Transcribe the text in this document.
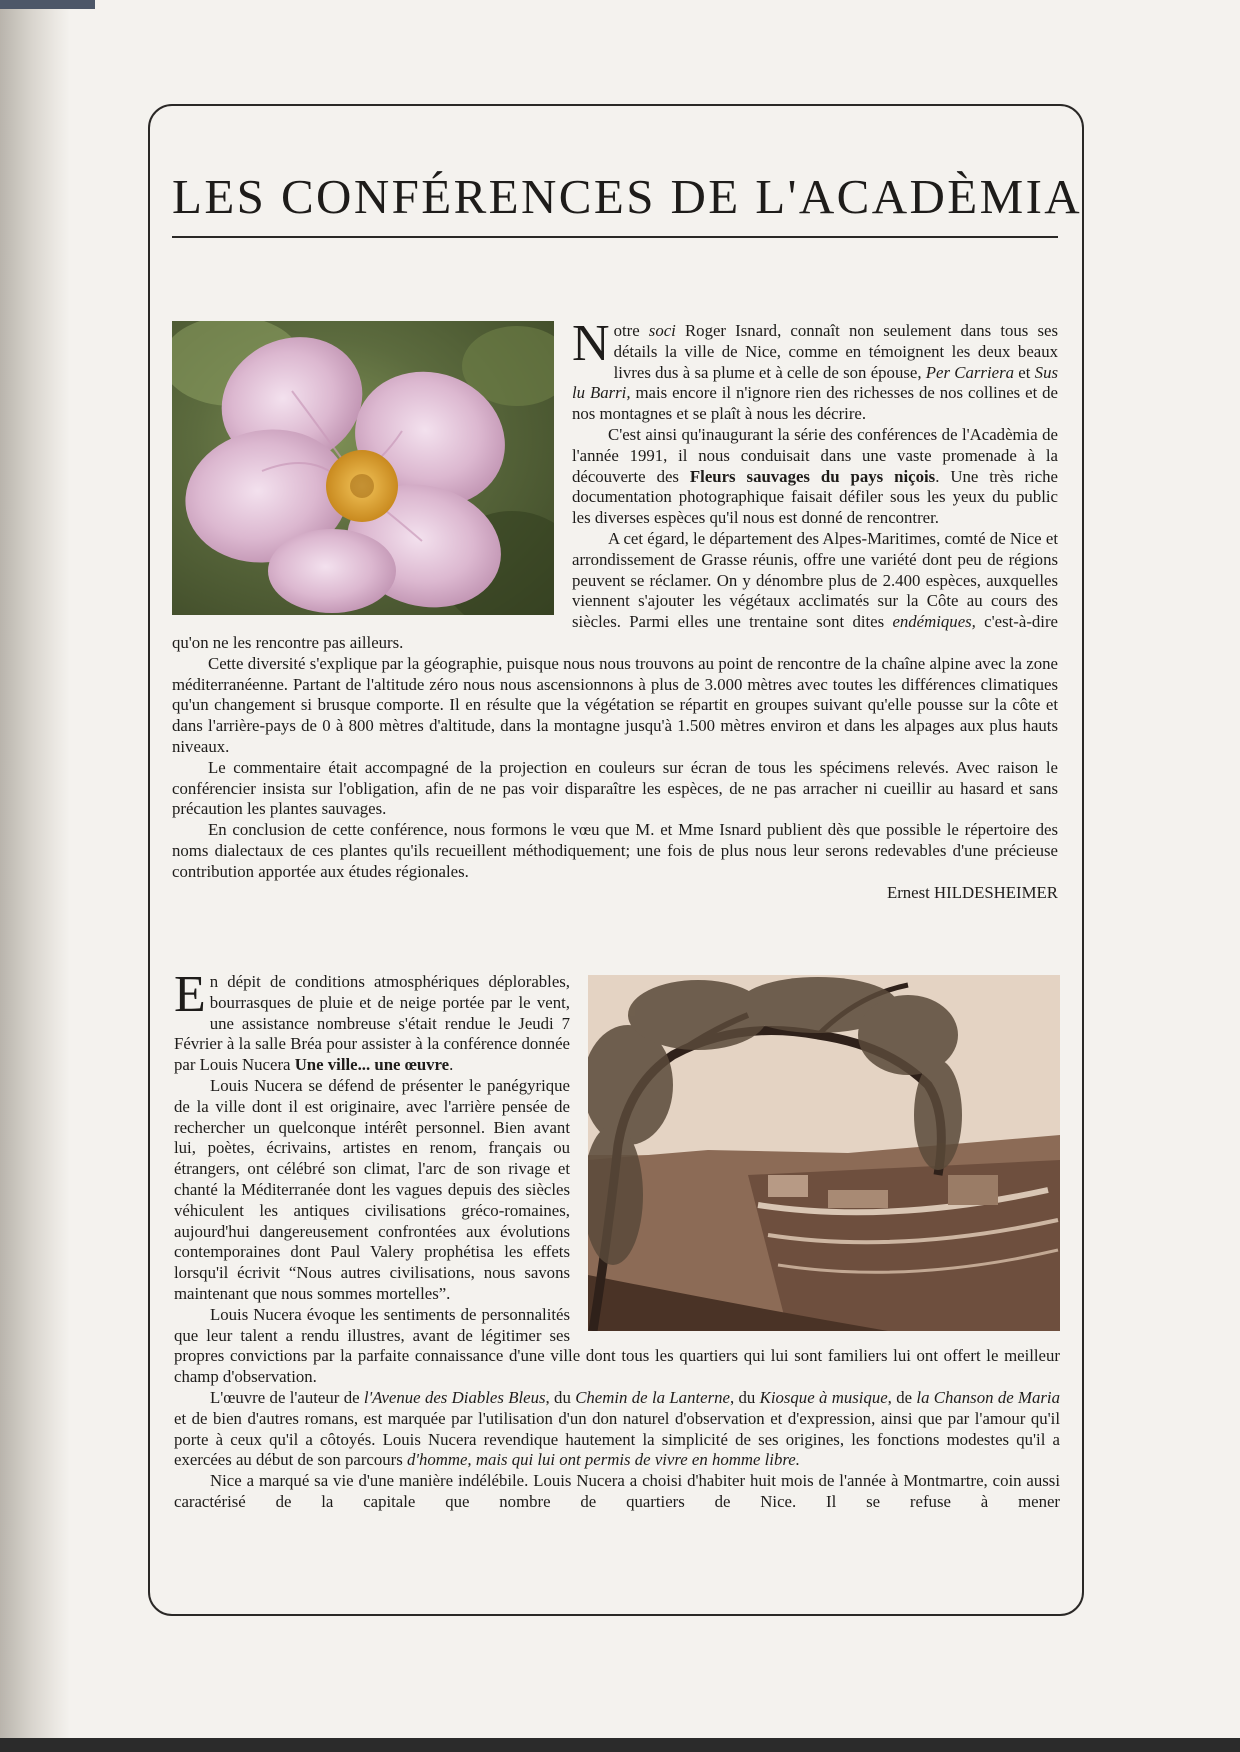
LES CONFÉRENCES DE L'ACADÈMIA

Notre soci Roger Isnard, connaît non seulement dans tous ses détails la ville de Nice, comme en témoignent les deux beaux livres dus à sa plume et à celle de son épouse, Per Carriera et Sus lu Barri, mais encore il n'ignore rien des richesses de nos collines et de nos montagnes et se plaît à nous les décrire.

C'est ainsi qu'inaugurant la série des conférences de l'Acadèmia de l'année 1991, il nous conduisait dans une vaste promenade à la découverte des Fleurs sauvages du pays niçois. Une très riche documentation photographique faisait défiler sous les yeux du public les diverses espèces qu'il nous est donné de rencontrer.

A cet égard, le département des Alpes-Maritimes, comté de Nice et arrondissement de Grasse réunis, offre une variété dont peu de régions peuvent se réclamer. On y dénombre plus de 2.400 espèces, auxquelles viennent s'ajouter les végétaux acclimatés sur la Côte au cours des siècles. Parmi elles une trentaine sont dites endémiques, c'est-à-dire qu'on ne les rencontre pas ailleurs.

Cette diversité s'explique par la géographie, puisque nous nous trouvons au point de rencontre de la chaîne alpine avec la zone méditerranéenne. Partant de l'altitude zéro nous nous ascensionnons à plus de 3.000 mètres avec toutes les différences climatiques qu'un changement si brusque comporte. Il en résulte que la végétation se répartit en groupes suivant qu'elle pousse sur la côte et dans l'arrière-pays de 0 à 800 mètres d'altitude, dans la montagne jusqu'à 1.500 mètres environ et dans les alpages aux plus hauts niveaux.

Le commentaire était accompagné de la projection en couleurs sur écran de tous les spécimens relevés. Avec raison le conférencier insista sur l'obligation, afin de ne pas voir disparaître les espèces, de ne pas arracher ni cueillir au hasard et sans précaution les plantes sauvages.

En conclusion de cette conférence, nous formons le vœu que M. et Mme Isnard publient dès que possible le répertoire des noms dialectaux de ces plantes qu'ils recueillent méthodiquement; une fois de plus nous leur serons redevables d'une précieuse contribution apportée aux études régionales.

Ernest HILDESHEIMER

En dépit de conditions atmosphériques déplorables, bourrasques de pluie et de neige portée par le vent, une assistance nombreuse s'était rendue le Jeudi 7 Février à la salle Bréa pour assister à la conférence donnée par Louis Nucera Une ville... une œuvre.

Louis Nucera se défend de présenter le panégyrique de la ville dont il est originaire, avec l'arrière pensée de rechercher un quelconque intérêt personnel. Bien avant lui, poètes, écrivains, artistes en renom, français ou étrangers, ont célébré son climat, l'arc de son rivage et chanté la Méditerranée dont les vagues depuis des siècles véhiculent les antiques civilisations gréco-romaines, aujourd'hui dangereusement confrontées aux évolutions contemporaines dont Paul Valery prophétisa les effets lorsqu'il écrivit “Nous autres civilisations, nous savons maintenant que nous sommes mortelles”.

Louis Nucera évoque les sentiments de personnalités que leur talent a rendu illustres, avant de légitimer ses propres convictions par la parfaite connaissance d'une ville dont tous les quartiers qui lui sont familiers lui ont offert le meilleur champ d'observation.

L'œuvre de l'auteur de l'Avenue des Diables Bleus, du Chemin de la Lanterne, du Kiosque à musique, de la Chanson de Maria et de bien d'autres romans, est marquée par l'utilisation d'un don naturel d'observation et d'expression, ainsi que par l'amour qu'il porte à ceux qu'il a côtoyés. Louis Nucera revendique hautement la simplicité de ses origines, les fonctions modestes qu'il a exercées au début de son parcours d'homme, mais qui lui ont permis de vivre en homme libre.

Nice a marqué sa vie d'une manière indélébile. Louis Nucera a choisi d'habiter huit mois de l'année à Montmartre, coin aussi caractérisé de la capitale que nombre de quartiers de Nice. Il se refuse à mener
